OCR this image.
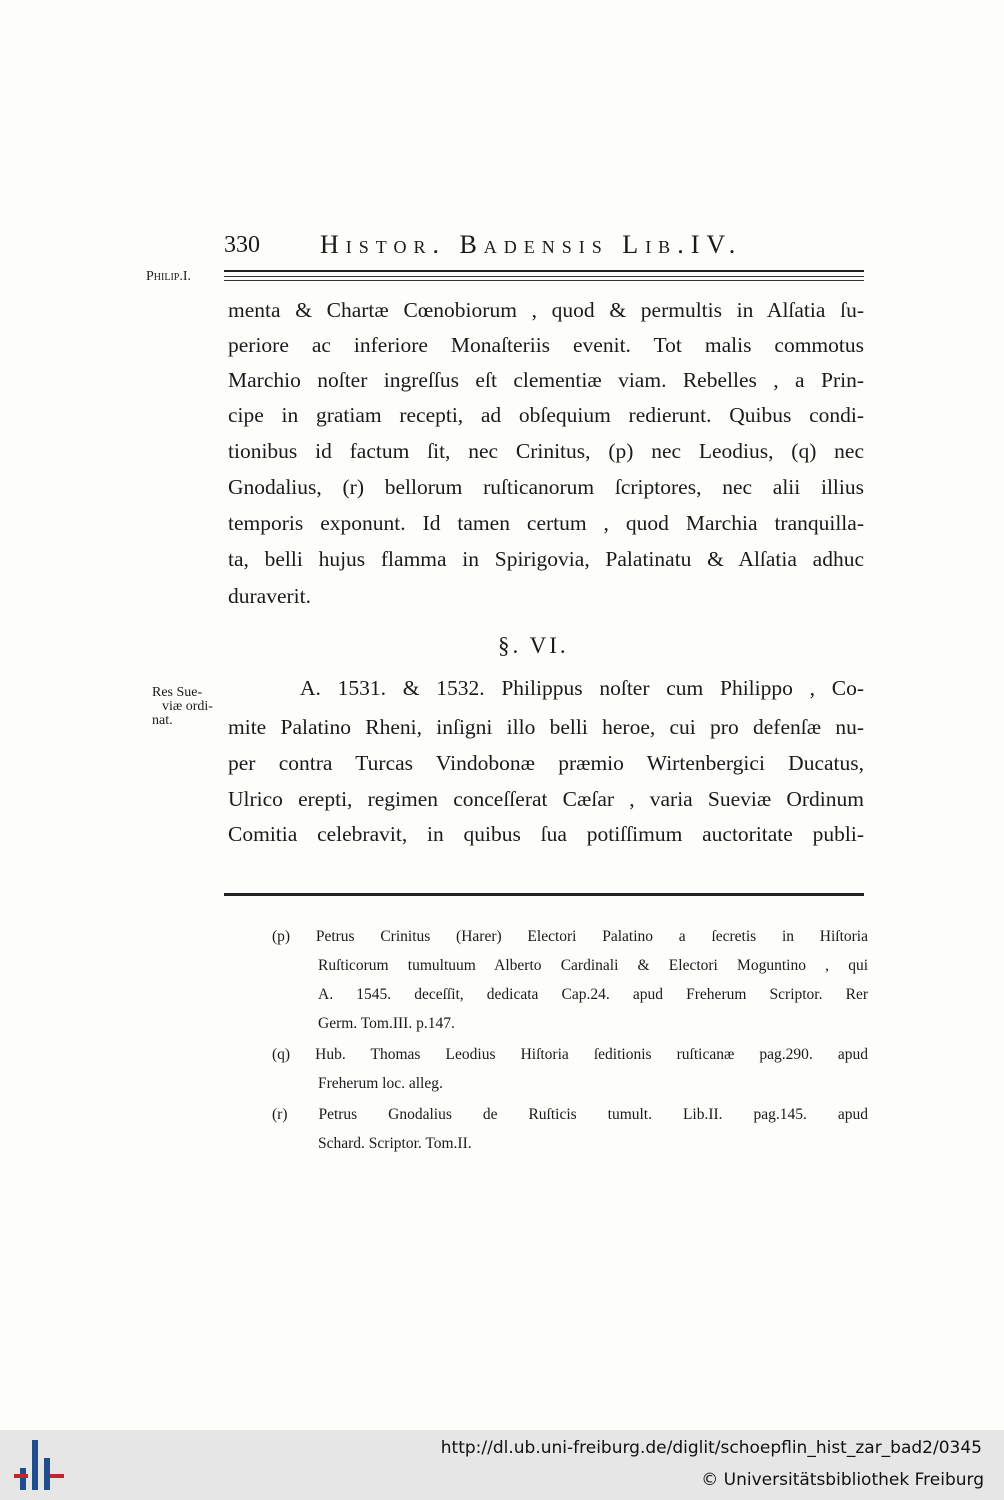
330 Histor. Badensis Lib.IV.
Philip.I.
menta & Chartæ Cœnobiorum , quod & permultis in Alſatia ſu-
periore ac inferiore Monaſteriis evenit. Tot malis commotus
Marchio noſter ingreſſus eſt clementiæ viam. Rebelles , a Prin-
cipe in gratiam recepti, ad obſequium redierunt. Quibus condi-
tionibus id factum ſit, nec Crinitus, (p) nec Leodius, (q) nec
Gnodalius, (r) bellorum ruſticanorum ſcriptores, nec alii illius
temporis exponunt. Id tamen certum , quod Marchia tranquilla-
ta, belli hujus flamma in Spirigovia, Palatinatu & Alſatia adhuc
duraverit.
§. VI.
Res Sue-
viæ ordi-
nat.
A. 1531. & 1532. Philippus noſter cum Philippo , Co-
mite Palatino Rheni, inſigni illo belli heroe, cui pro defenſæ nu-
per contra Turcas Vindobonæ præmio Wirtenbergici Ducatus,
Ulrico erepti, regimen conceſſerat Cæſar , varia Sueviæ Ordinum
Comitia celebravit, in quibus ſua potiſſimum auctoritate publi-
(p) Petrus Crinitus (Harer) Electori Palatino a ſecretis in Hiſtoria
Ruſticorum tumultuum Alberto Cardinali & Electori Moguntino , qui
A. 1545. deceſſit, dedicata Cap.24. apud Freherum Scriptor. Rer
Germ. Tom.III. p.147.
(q) Hub. Thomas Leodius Hiſtoria ſeditionis ruſticanæ pag.290. apud
Freherum loc. alleg.
(r) Petrus Gnodalius de Ruſticis tumult. Lib.II. pag.145. apud
Schard. Scriptor. Tom.II.
http://dl.ub.uni-freiburg.de/diglit/schoepflin_hist_zar_bad2/0345
© Universitätsbibliothek Freiburg
